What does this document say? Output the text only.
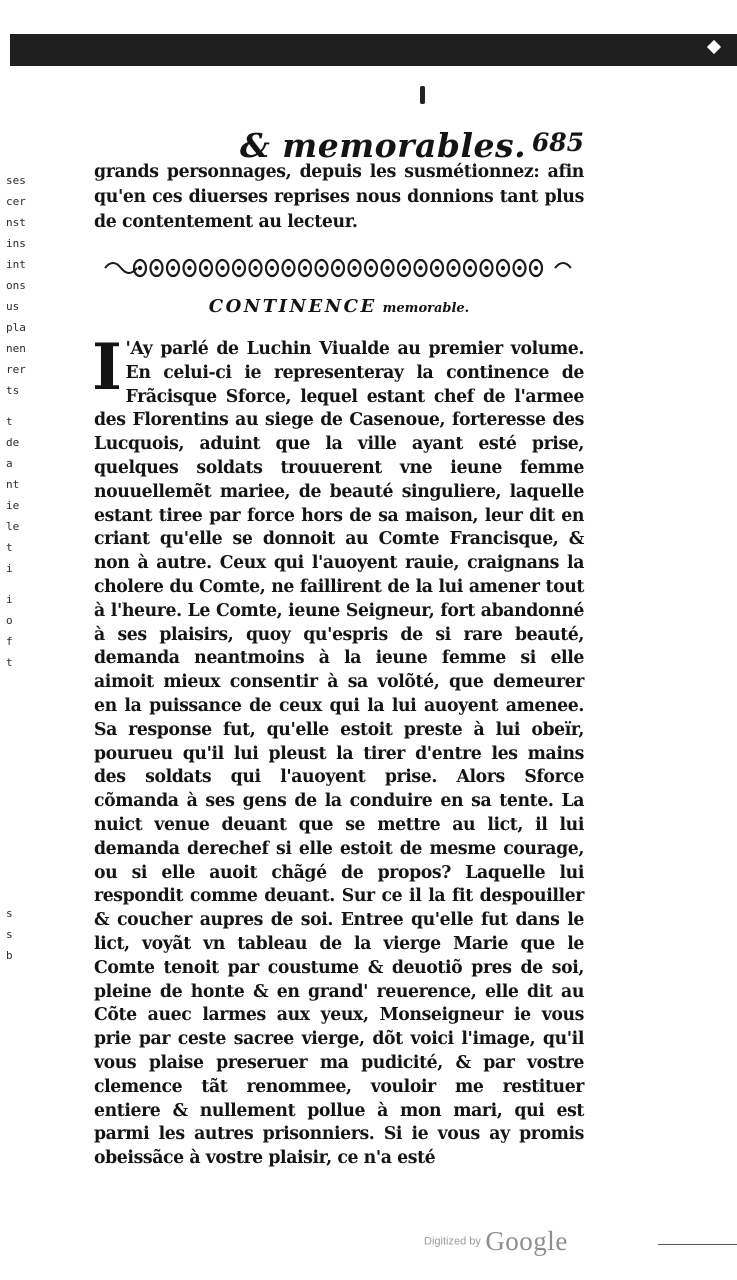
ses
cer
nst
ins
int
ons
us
pla
nen
rer
ts
t
de
a
nt
ie
le
t
i
i
o
f
t
s
s
b
& memorables. 685

grands personnages, depuis les susmétionnez: afin qu'en ces diuerses reprises nous donnions tant plus de contentement au lecteur.

CONTINENCE memorable.
I 'Ay parlé de Luchin Viualde au premier volume. En celui-ci ie representeray la continence de Frãcisque Sforce, lequel estant chef de l'armee des Florentins au siege de Casenoue, forteresse des Lucquois, aduint que la ville ayant esté prise, quelques soldats trouuerent vne ieune femme nouuellemẽt mariee, de beauté singuliere, laquelle estant tiree par force hors de sa maison, leur dit en criant qu'elle se donnoit au Comte Francisque, & non à autre. Ceux qui l'auoyent rauie, craignans la cholere du Comte, ne faillirent de la lui amener tout à l'heure. Le Comte, ieune Seigneur, fort abandonné à ses plaisirs, quoy qu'espris de si rare beauté, demanda neantmoins à la ieune femme si elle aimoit mieux consentir à sa volõté, que demeurer en la puissance de ceux qui la lui auoyent amenee. Sa response fut, qu'elle estoit preste à lui obeïr, pourueu qu'il lui pleust la tirer d'entre les mains des soldats qui l'auoyent prise. Alors Sforce cõmanda à ses gens de la conduire en sa tente. La nuict venue deuant que se mettre au lict, il lui demanda derechef si elle estoit de mesme courage, ou si elle auoit chãgé de propos? Laquelle lui respondit comme deuant. Sur ce il la fit despouiller & coucher aupres de soi. Entree qu'elle fut dans le lict, voyãt vn tableau de la vierge Marie que le Comte tenoit par coustume & deuotiõ pres de soi, pleine de honte & en grand' reuerence, elle dit au Cõte auec larmes aux yeux, Monseigneur ie vous prie par ceste sacree vierge, dõt voici l'image, qu'il vous plaise preseruer ma pudicité, & par vostre clemence tãt renommee, vouloir me restituer entiere & nullement pollue à mon mari, qui est parmi les autres prisonniers. Si ie vous ay promis obeissãce à vostre plaisir, ce n'a esté

Digitized by Google
